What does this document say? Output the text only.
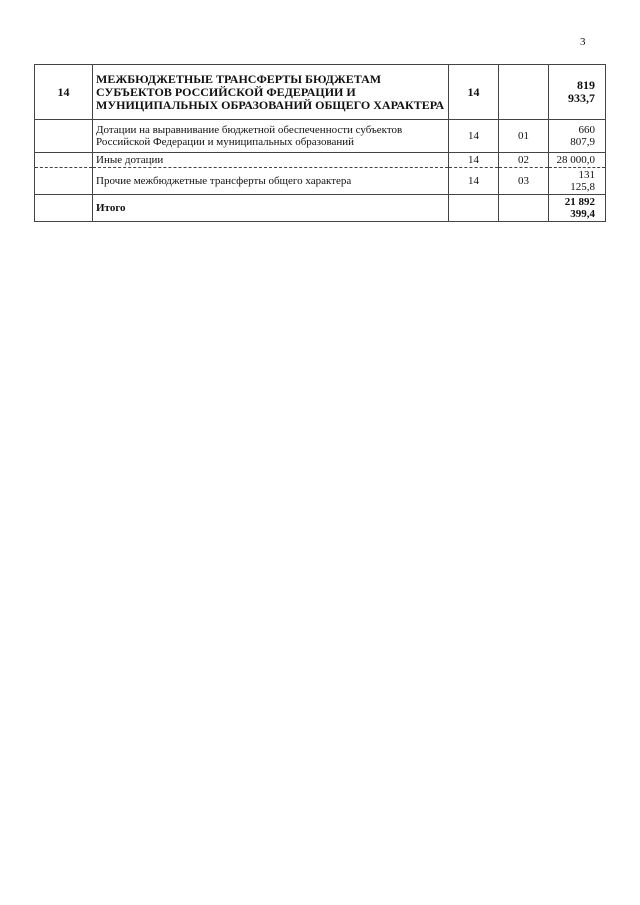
3
14	МЕЖБЮДЖЕТНЫЕ ТРАНСФЕРТЫ БЮДЖЕТАМ СУБЪЕКТОВ РОССИЙСКОЙ ФЕДЕРАЦИИ И МУНИЦИПАЛЬНЫХ ОБРАЗОВАНИЙ ОБЩЕГО ХАРАКТЕРА	14		819 933,7
	Дотации на выравнивание бюджетной обеспеченности субъектов Российской Федерации и муниципальных образований	14	01	660 807,9
	Иные дотации	14	02	28 000,0
	Прочие межбюджетные трансферты общего характера	14	03	131 125,8
	Итого			21 892 399,4
